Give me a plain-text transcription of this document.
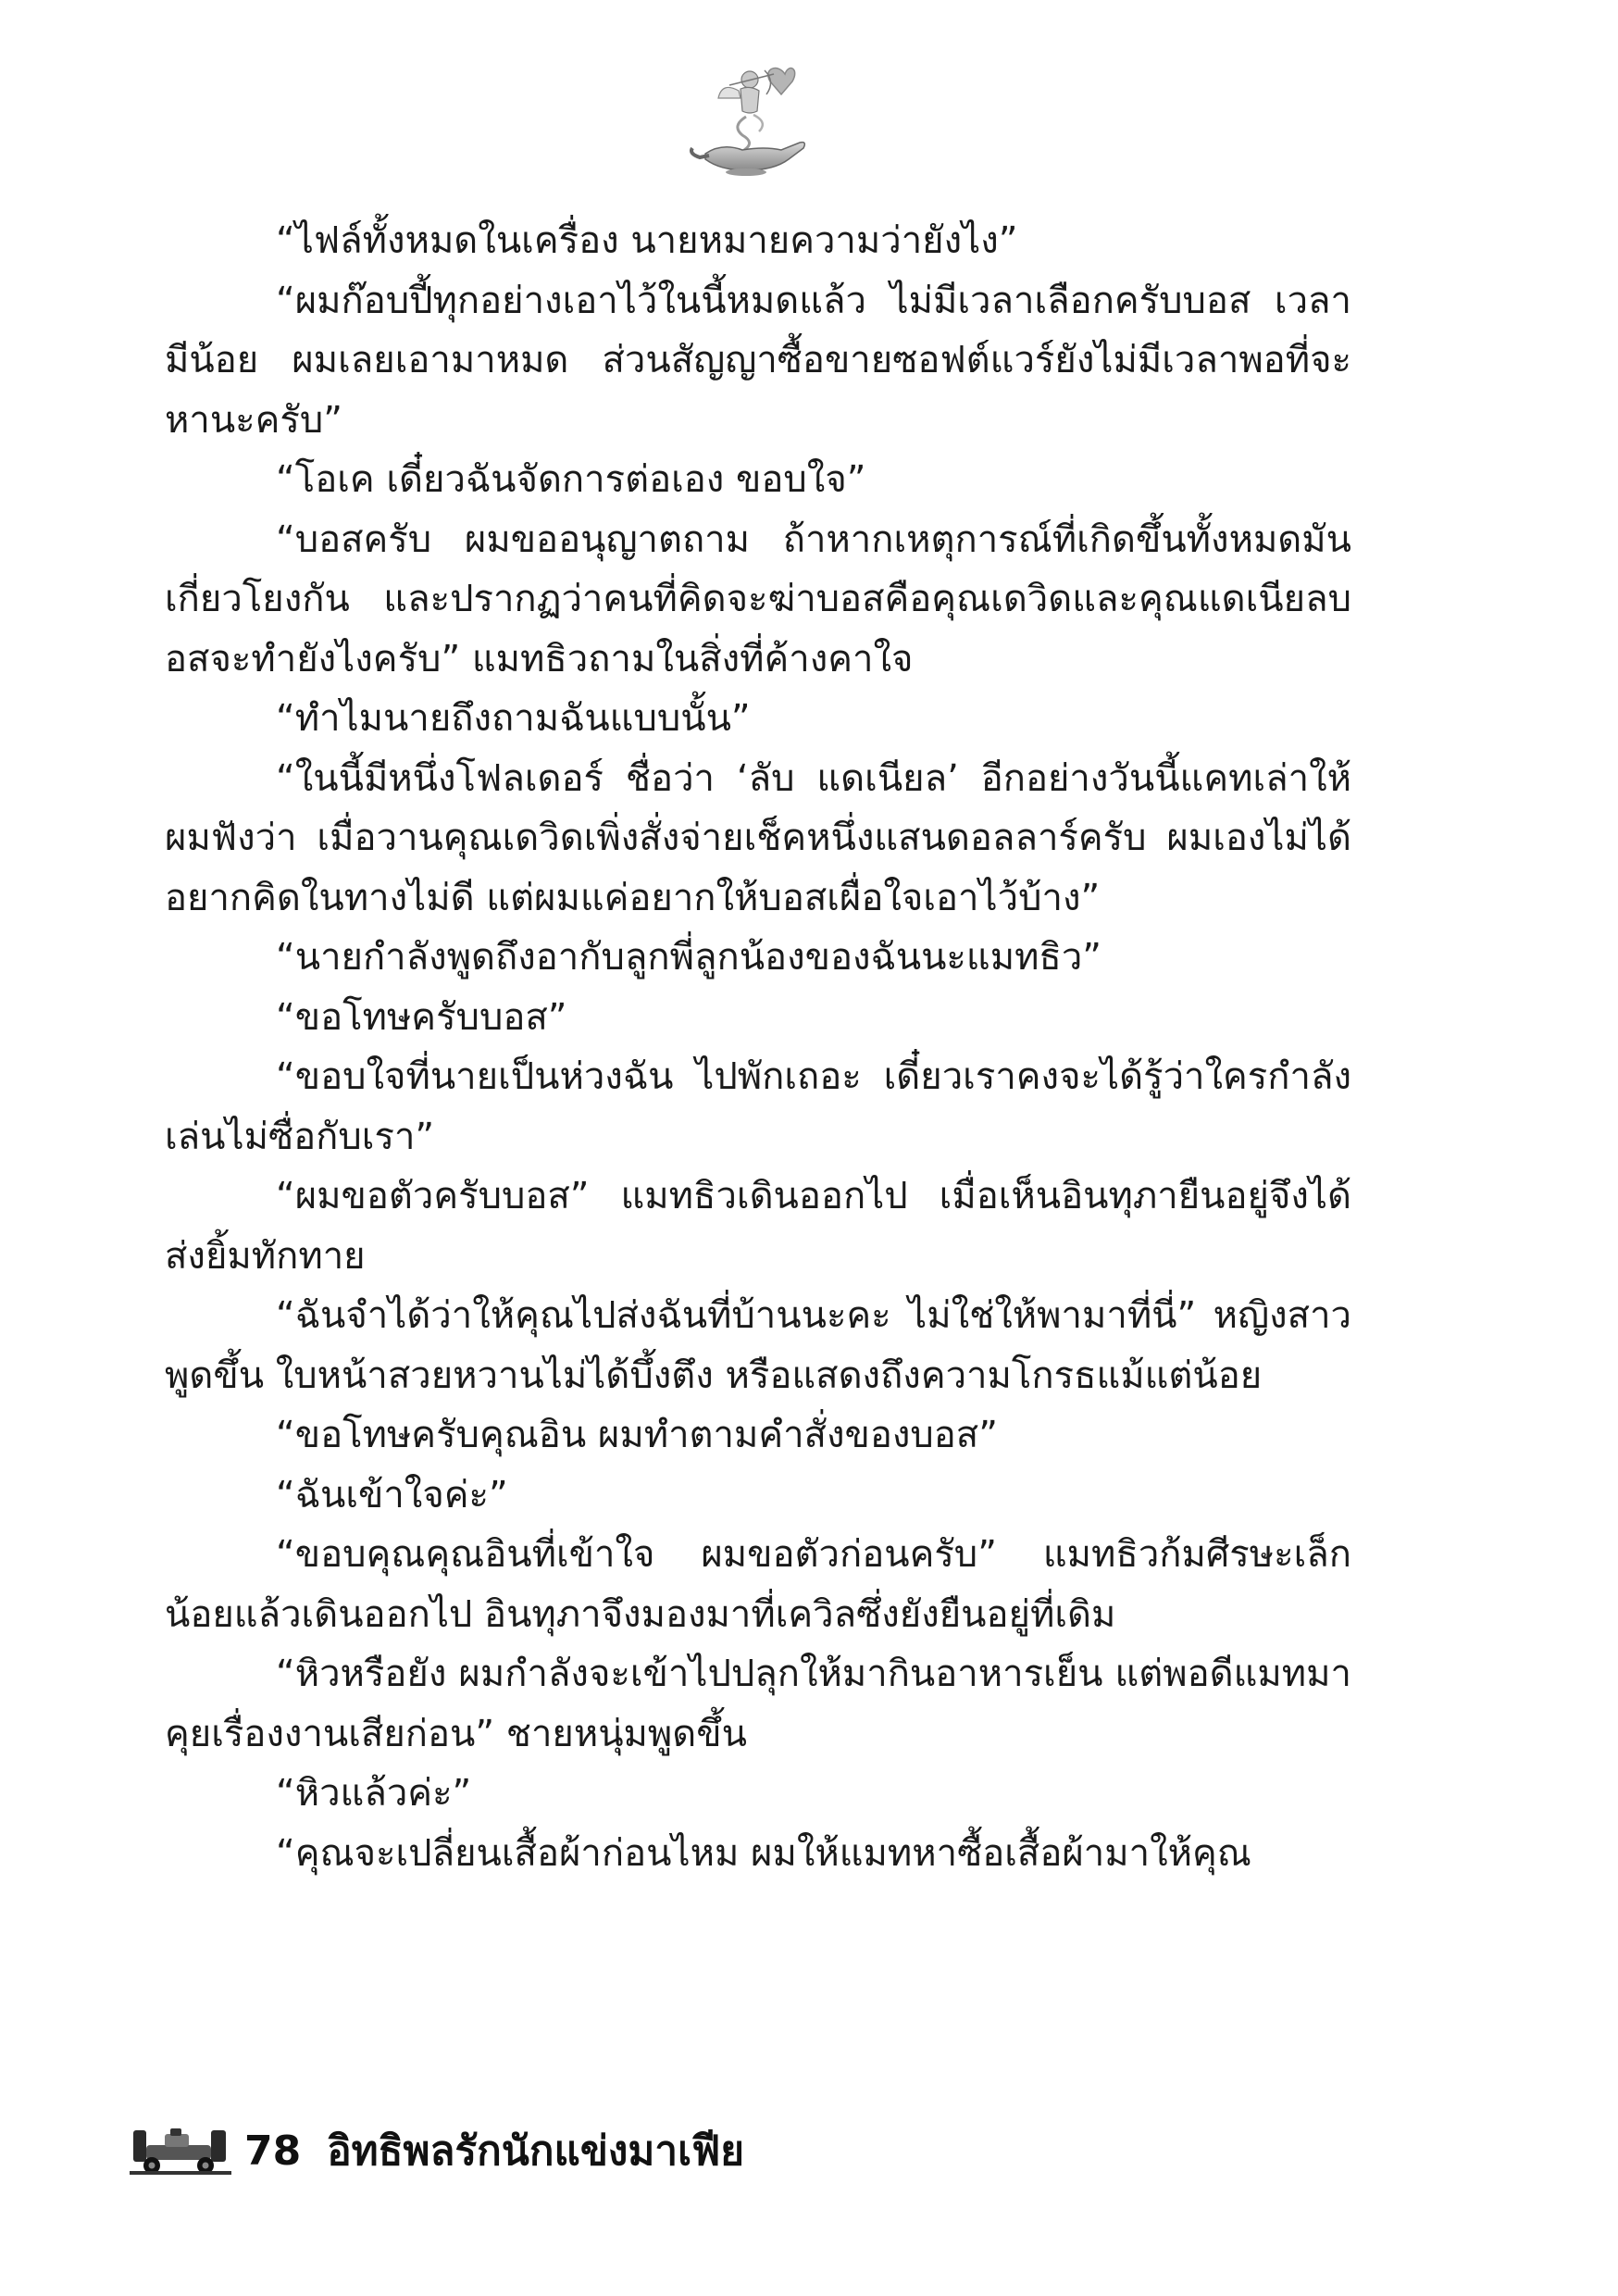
“ไฟล์ทั้งหมดในเครื่อง นายหมายความว่ายังไง”

“ผมก๊อบปี้ทุกอย่างเอาไว้ในนี้หมดแล้ว ไม่มีเวลาเลือกครับบอส เวลามีน้อย ผมเลยเอามาหมด ส่วนสัญญาซื้อขายซอฟต์แวร์ยังไม่มีเวลาพอที่จะหานะครับ”

“โอเค เดี๋ยวฉันจัดการต่อเอง ขอบใจ”

“บอสครับ ผมขออนุญาตถาม ถ้าหากเหตุการณ์ที่เกิดขึ้นทั้งหมดมันเกี่ยวโยงกัน และปรากฏว่าคนที่คิดจะฆ่าบอสคือคุณเดวิดและคุณแดเนียลบอสจะทำยังไงครับ” แมทธิวถามในสิ่งที่ค้างคาใจ

“ทำไมนายถึงถามฉันแบบนั้น”

“ในนี้มีหนึ่งโฟลเดอร์ ชื่อว่า ‘ลับ แดเนียล’ อีกอย่างวันนี้แคทเล่าให้ผมฟังว่า เมื่อวานคุณเดวิดเพิ่งสั่งจ่ายเช็คหนึ่งแสนดอลลาร์ครับ ผมเองไม่ได้อยากคิดในทางไม่ดี แต่ผมแค่อยากให้บอสเผื่อใจเอาไว้บ้าง”

“นายกำลังพูดถึงอากับลูกพี่ลูกน้องของฉันนะแมทธิว”

“ขอโทษครับบอส”

“ขอบใจที่นายเป็นห่วงฉัน ไปพักเถอะ เดี๋ยวเราคงจะได้รู้ว่าใครกำลังเล่นไม่ซื่อกับเรา”

“ผมขอตัวครับบอส” แมทธิวเดินออกไป เมื่อเห็นอินทุภายืนอยู่จึงได้ส่งยิ้มทักทาย

“ฉันจำได้ว่าให้คุณไปส่งฉันที่บ้านนะคะ ไม่ใช่ให้พามาที่นี่” หญิงสาวพูดขึ้น ใบหน้าสวยหวานไม่ได้บึ้งตึง หรือแสดงถึงความโกรธแม้แต่น้อย

“ขอโทษครับคุณอิน ผมทำตามคำสั่งของบอส”

“ฉันเข้าใจค่ะ”

“ขอบคุณคุณอินที่เข้าใจ ผมขอตัวก่อนครับ” แมทธิวก้มศีรษะเล็กน้อยแล้วเดินออกไป อินทุภาจึงมองมาที่เควิลซึ่งยังยืนอยู่ที่เดิม

“หิวหรือยัง ผมกำลังจะเข้าไปปลุกให้มากินอาหารเย็น แต่พอดีแมทมาคุยเรื่องงานเสียก่อน” ชายหนุ่มพูดขึ้น

“หิวแล้วค่ะ”

“คุณจะเปลี่ยนเสื้อผ้าก่อนไหม ผมให้แมทหาซื้อเสื้อผ้ามาให้คุณ

78 อิทธิพลรักนักแข่งมาเฟีย
